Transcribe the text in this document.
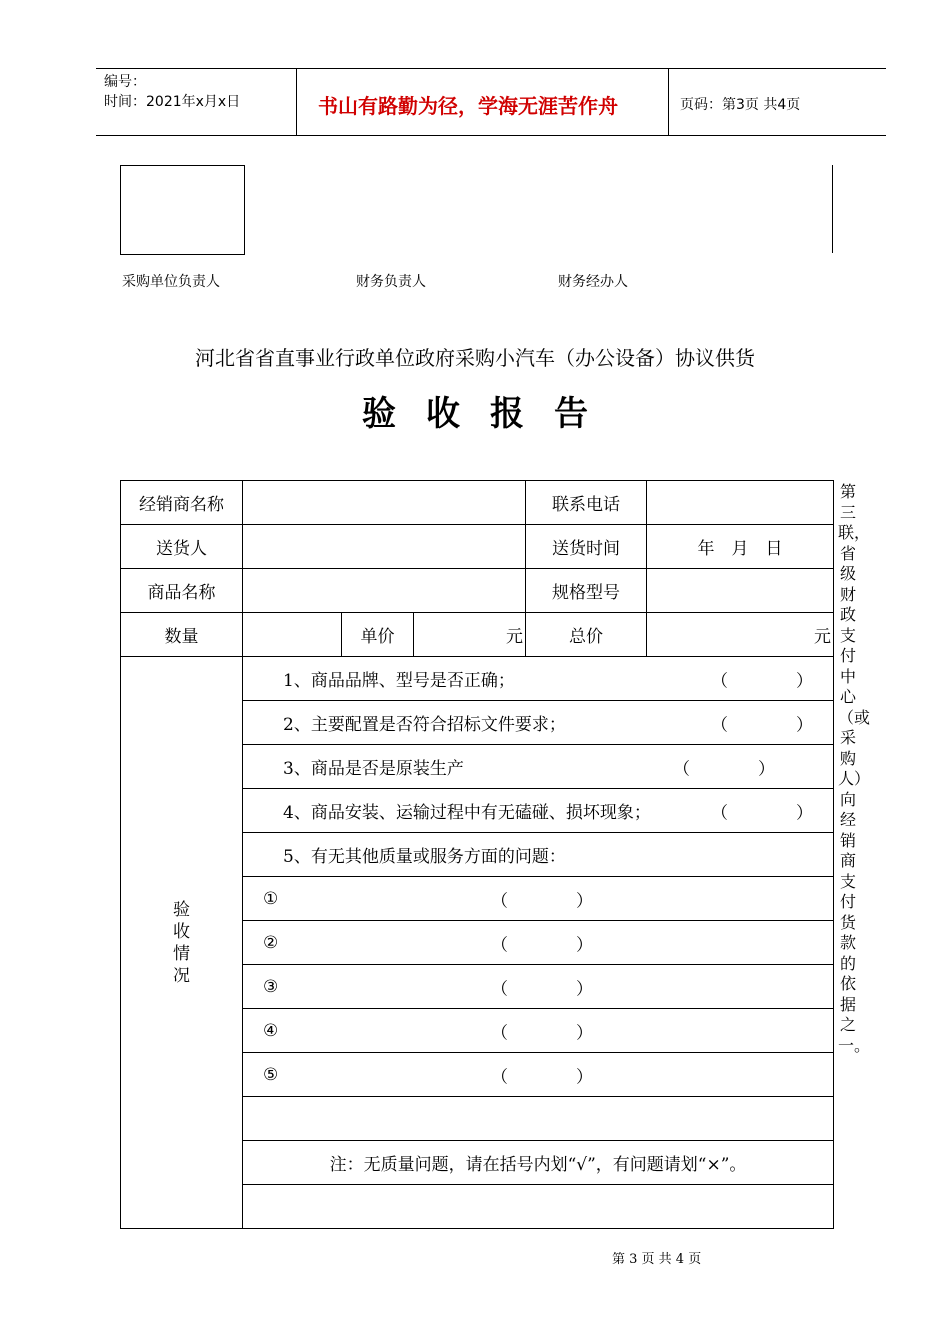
编号：
时间：2021年x月x日	书山有路勤为径，学海无涯苦作舟	页码：第3页 共4页
采购单位负责人	财务负责人	财务经办人
河北省省直事业行政单位政府采购小汽车（办公设备）协议供货
验收报告
经销商名称				联系电话	
送货人				送货时间	年　月　日
商品名称				规格型号	
数量		单价	元	总价	元
验收情况	1、商品品牌、型号是否正确； （　　　　）				

	2、主要配置是否符合招标文件要求； （　　　　）				

	3、商品是否是原装生产 （　　　　）				

	4、商品安装、运输过程中有无磕碰、损坏现象； （　　　　）				

	5、有无其他质量或服务方面的问题：				
	① （　　　　）				

	② （　　　　）				

	③ （　　　　）				

	④ （　　　　）				

	⑤ （　　　　）				

	注：无质量问题，请在括号内划“√”，有问题请划“×”。				

第三联，省级财政支付中心（或采购人）向经销商支付货款的依据之一。
第 3 页 共 4 页
